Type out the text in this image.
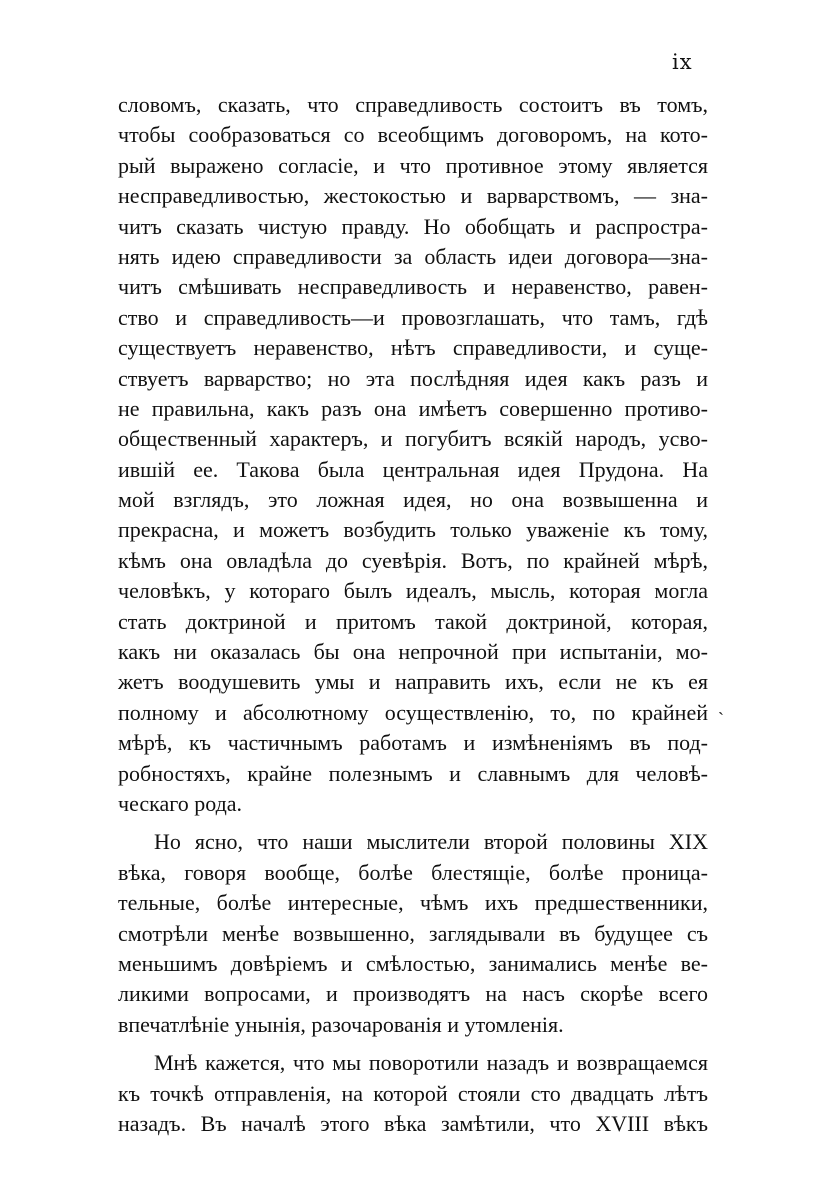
ix
словомъ, сказать, что справедливость состоитъ въ томъ,
чтобы сообразоваться со всеобщимъ договоромъ, на кото-
рый выражено согласіе, и что противное этому является
несправедливостью, жестокостью и варварствомъ, — зна-
читъ сказать чистую правду. Но обобщать и распростра-
нять идею справедливости за область идеи договора—зна-
читъ смѣшивать несправедливость и неравенство, равен-
ство и справедливость—и провозглашать, что тамъ, гдѣ
существуетъ неравенство, нѣтъ справедливости, и суще-
ствуетъ варварство; но эта послѣдняя идея какъ разъ и
не правильна, какъ разъ она имѣетъ совершенно противо-
общественный характеръ, и погубитъ всякій народъ, усво-
ившій ее. Такова была центральная идея Прудона. На
мой взглядъ, это ложная идея, но она возвышенна и
прекрасна, и можетъ возбудить только уваженіе къ тому,
кѣмъ она овладѣла до суевѣрія. Вотъ, по крайней мѣрѣ,
человѣкъ, у котораго былъ идеалъ, мысль, которая могла
стать доктриной и притомъ такой доктриной, которая,
какъ ни оказалась бы она непрочной при испытаніи, мо-
жетъ воодушевить умы и направить ихъ, если не къ ея
полному и абсолютному осуществленію, то, по крайней
мѣрѣ, къ частичнымъ работамъ и измѣненіямъ въ под-
робностяхъ, крайне полезнымъ и славнымъ для человѣ-
ческаго рода.
Но ясно, что наши мыслители второй половины XIX
вѣка, говоря вообще, болѣе блестящіе, болѣе проница-
тельные, болѣе интересные, чѣмъ ихъ предшественники,
смотрѣли менѣе возвышенно, заглядывали въ будущее съ
меньшимъ довѣріемъ и смѣлостью, занимались менѣе ве-
ликими вопросами, и производятъ на насъ скорѣе всего
впечатлѣніе унынія, разочарованія и утомленія.
Мнѣ кажется, что мы поворотили назадъ и возвращаемся
къ точкѣ отправленія, на которой стояли сто двадцать лѣтъ
назадъ. Въ началѣ этого вѣка замѣтили, что XVIII вѣкъ
ˎ
